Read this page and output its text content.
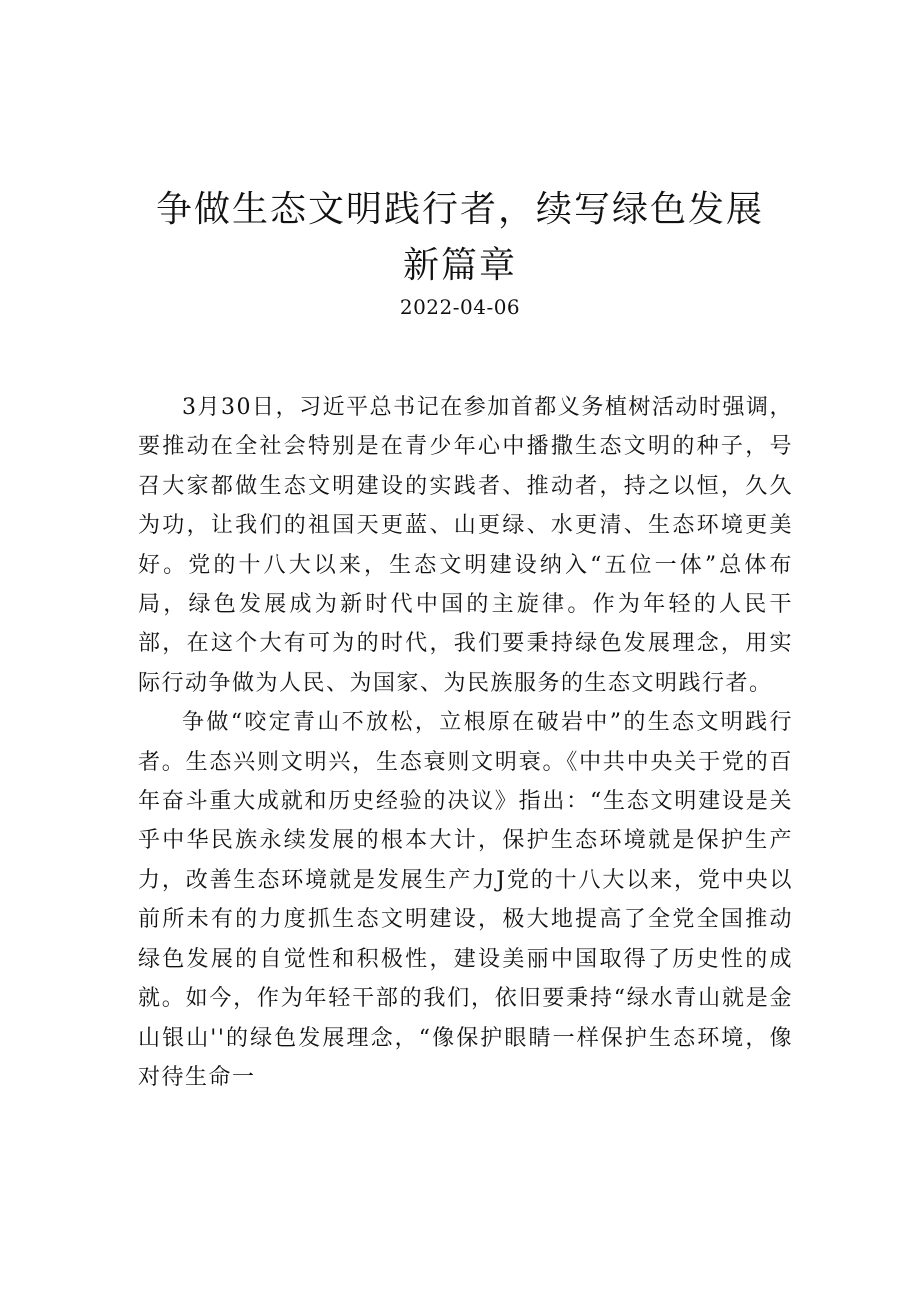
争做生态文明践行者，续写绿色发展新篇章
2022-04-06

3月30日，习近平总书记在参加首都义务植树活动时强调，要推动在全社会特别是在青少年心中播撒生态文明的种子，号召大家都做生态文明建设的实践者、推动者，持之以恒，久久为功，让我们的祖国天更蓝、山更绿、水更清、生态环境更美好。党的十八大以来，生态文明建设纳入“五位一体”总体布局，绿色发展成为新时代中国的主旋律。作为年轻的人民干部，在这个大有可为的时代，我们要秉持绿色发展理念，用实际行动争做为人民、为国家、为民族服务的生态文明践行者。

争做“咬定青山不放松，立根原在破岩中”的生态文明践行者。生态兴则文明兴，生态衰则文明衰。《中共中央关于党的百年奋斗重大成就和历史经验的决议》指出：“生态文明建设是关乎中华民族永续发展的根本大计，保护生态环境就是保护生产力，改善生态环境就是发展生产力J党的十八大以来，党中央以前所未有的力度抓生态文明建设，极大地提高了全党全国推动绿色发展的自觉性和积极性，建设美丽中国取得了历史性的成就。如今，作为年轻干部的我们，依旧要秉持“绿水青山就是金山银山''的绿色发展理念，“像保护眼睛一样保护生态环境，像对待生命一
